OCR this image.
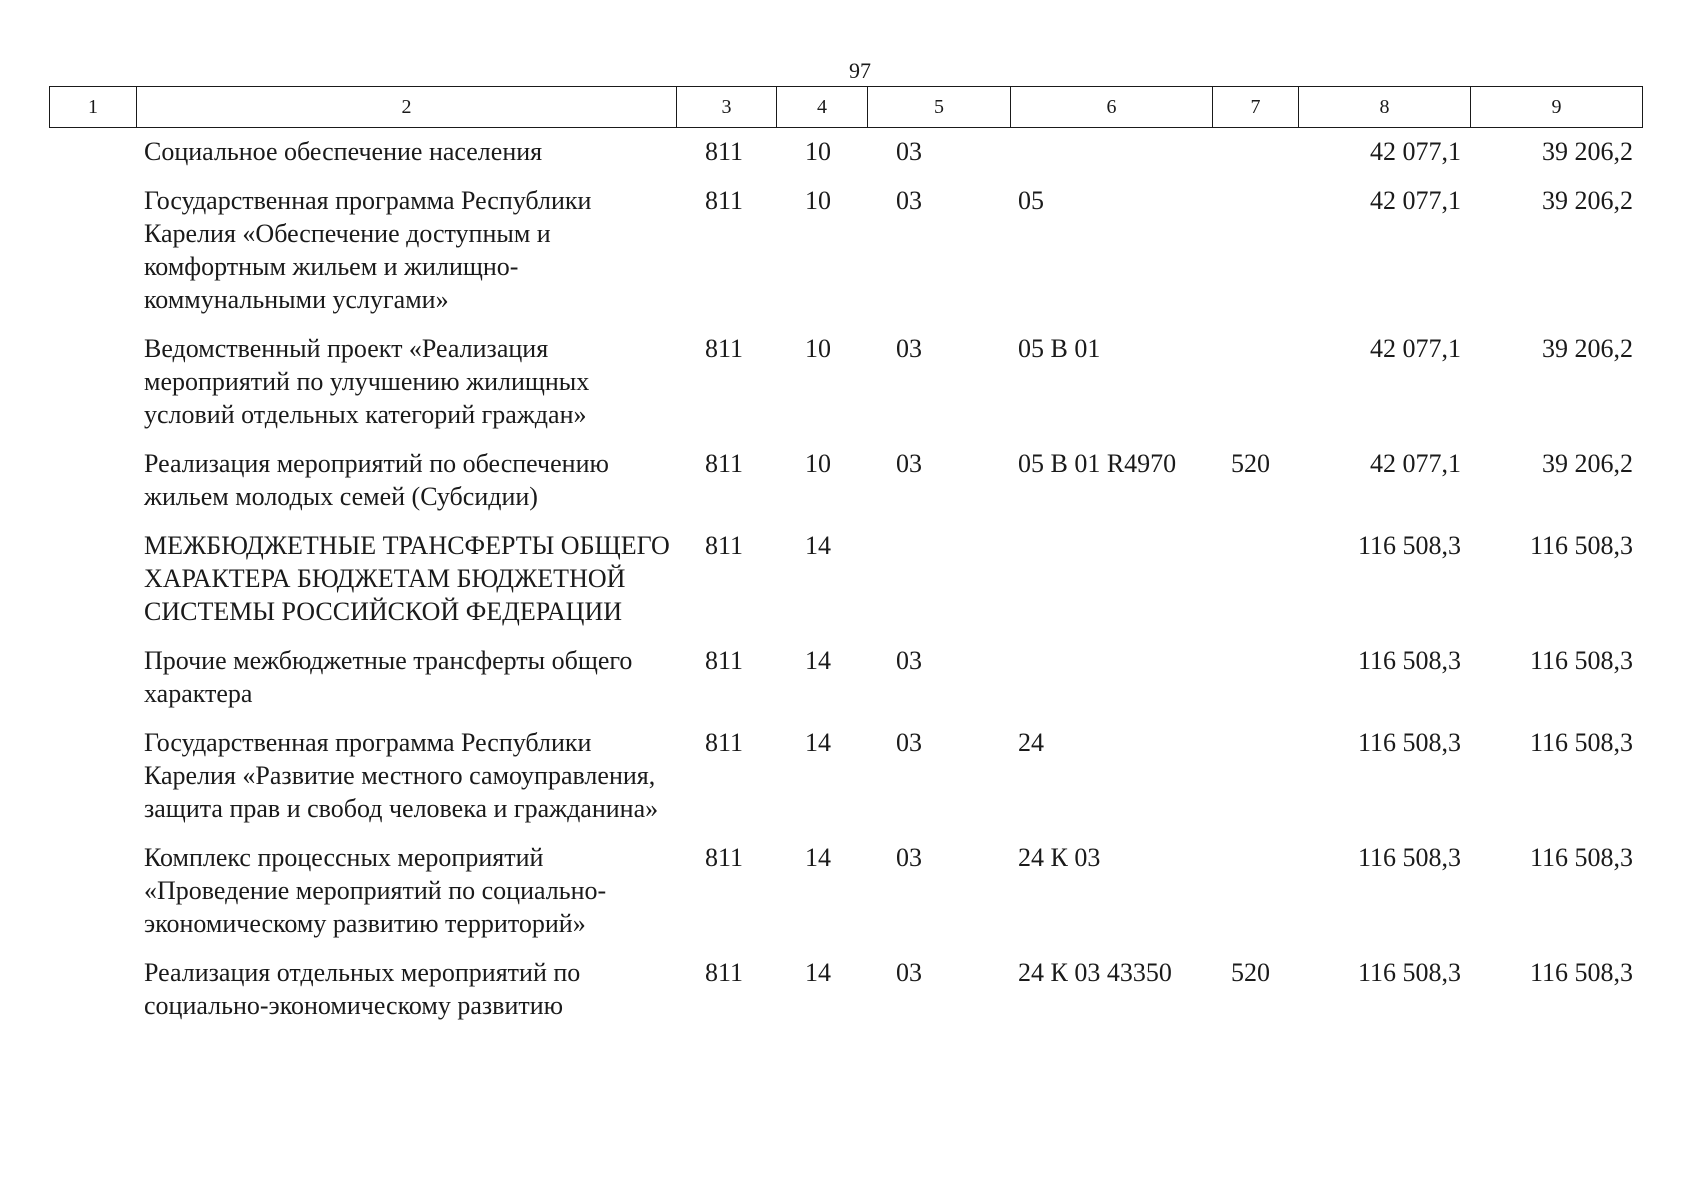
97
1	2	3	4	5	6	7	8	9
	Социальное обеспечение населения	811	10	03			42 077,1	39 206,2
	Государственная программа Республики Карелия «Обеспечение доступным и комфортным жильем и жилищно-коммунальными услугами»	811	10	03	05		42 077,1	39 206,2
	Ведомственный проект «Реализация мероприятий по улучшению жилищных условий отдельных категорий граждан»	811	10	03	05 В 01		42 077,1	39 206,2
	Реализация мероприятий по обеспечению жильем молодых семей (Субсидии)	811	10	03	05 В 01 R4970	520	42 077,1	39 206,2
	МЕЖБЮДЖЕТНЫЕ ТРАНСФЕРТЫ ОБЩЕГО ХАРАКТЕРА БЮДЖЕТАМ БЮДЖЕТНОЙ СИСТЕМЫ РОССИЙСКОЙ ФЕДЕРАЦИИ	811	14				116 508,3	116 508,3
	Прочие межбюджетные трансферты общего характера	811	14	03			116 508,3	116 508,3
	Государственная программа Республики Карелия «Развитие местного самоуправления, защита прав и свобод человека и гражданина»	811	14	03	24		116 508,3	116 508,3
	Комплекс процессных мероприятий «Проведение мероприятий по социально-экономическому развитию территорий»	811	14	03	24 К 03		116 508,3	116 508,3
	Реализация отдельных мероприятий по социально-экономическому развитию	811	14	03	24 К 03 43350	520	116 508,3	116 508,3
